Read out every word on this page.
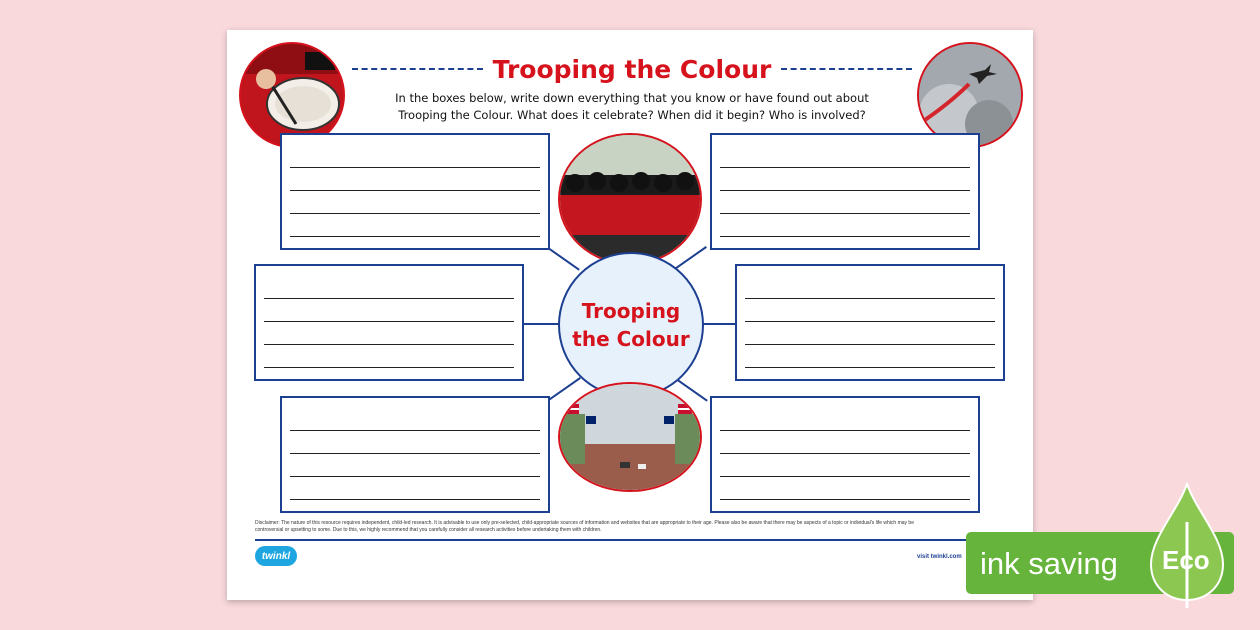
Trooping the Colour
In the boxes below, write down everything that you know or have found out about
Trooping the Colour. What does it celebrate? When did it begin? Who is involved?
Trooping
the Colour
Disclaimer: The nature of this resource requires independent, child-led research. It is advisable to use only pre-selected, child-appropriate sources of information and websites that are appropriate to their age. Please also be aware that there may be aspects of a topic or individual's life which may be
controversial or upsetting to some. Due to this, we highly recommend that you carefully consider all research activities before undertaking them with children.
twinkl	visit twinkl.com ink saving Eco
